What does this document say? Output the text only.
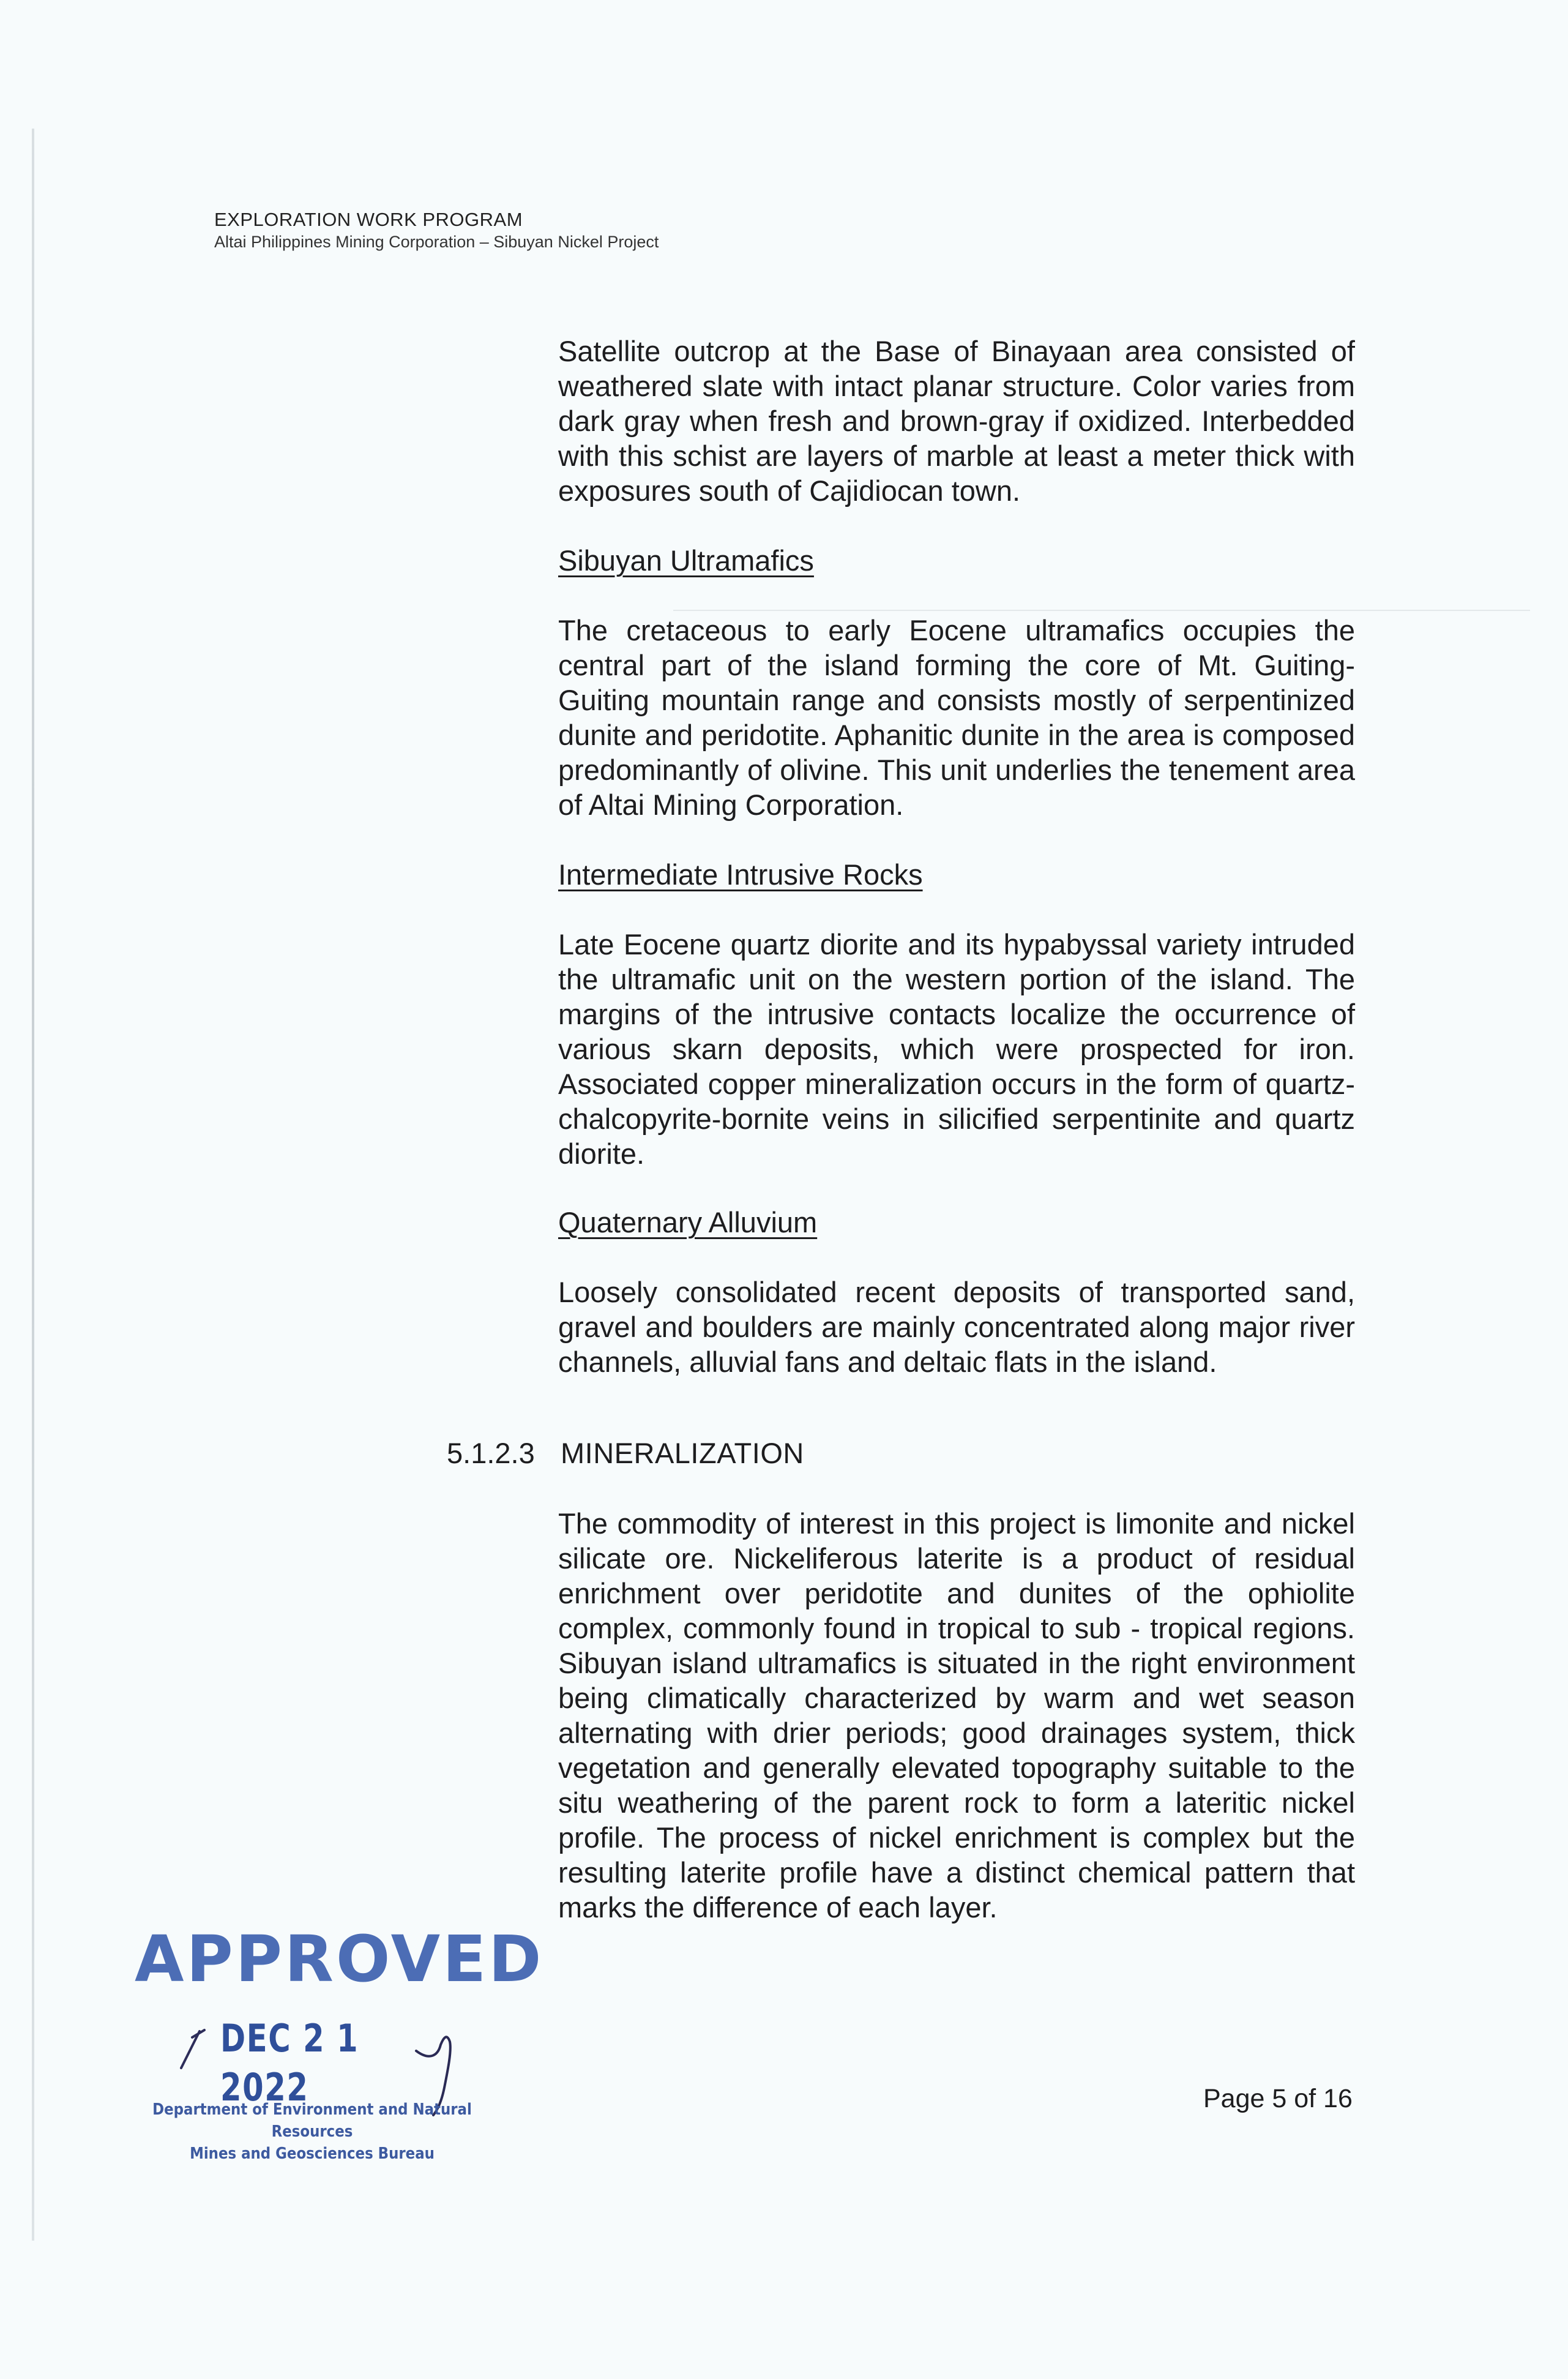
EXPLORATION WORK PROGRAM
Altai Philippines Mining Corporation – Sibuyan Nickel Project
Satellite outcrop at the Base of Binayaan area consisted of weathered slate with intact planar structure. Color varies from dark gray when fresh and brown-gray if oxidized. Interbedded with this schist are layers of marble at least a meter thick with exposures south of Cajidiocan town.
Sibuyan Ultramafics
The cretaceous to early Eocene ultramafics occupies the central part of the island forming the core of Mt. Guiting-Guiting mountain range and consists mostly of serpentinized dunite and peridotite. Aphanitic dunite in the area is composed predominantly of olivine. This unit underlies the tenement area of Altai Mining Corporation.
Intermediate Intrusive Rocks
Late Eocene quartz diorite and its hypabyssal variety intruded the ultramafic unit on the western portion of the island. The margins of the intrusive contacts localize the occurrence of various skarn deposits, which were prospected for iron. Associated copper mineralization occurs in the form of quartz-chalcopyrite-bornite veins in silicified serpentinite and quartz diorite.
Quaternary Alluvium
Loosely consolidated recent deposits of transported sand, gravel and boulders are mainly concentrated along major river channels, alluvial fans and deltaic flats in the island.
5.1.2.3 MINERALIZATION
The commodity of interest in this project is limonite and nickel silicate ore. Nickeliferous laterite is a product of residual enrichment over peridotite and dunites of the ophiolite complex, commonly found in tropical to sub - tropical regions. Sibuyan island ultramafics is situated in the right environment being climatically characterized by warm and wet season alternating with drier periods; good drainages system, thick vegetation and generally elevated topography suitable to the situ weathering of the parent rock to form a lateritic nickel profile. The process of nickel enrichment is complex but the resulting laterite profile have a distinct chemical pattern that marks the difference of each layer.
APPROVED
DEC 2 1 2022
Department of Environment and Natural Resources
Mines and Geosciences Bureau
Page 5 of 16
